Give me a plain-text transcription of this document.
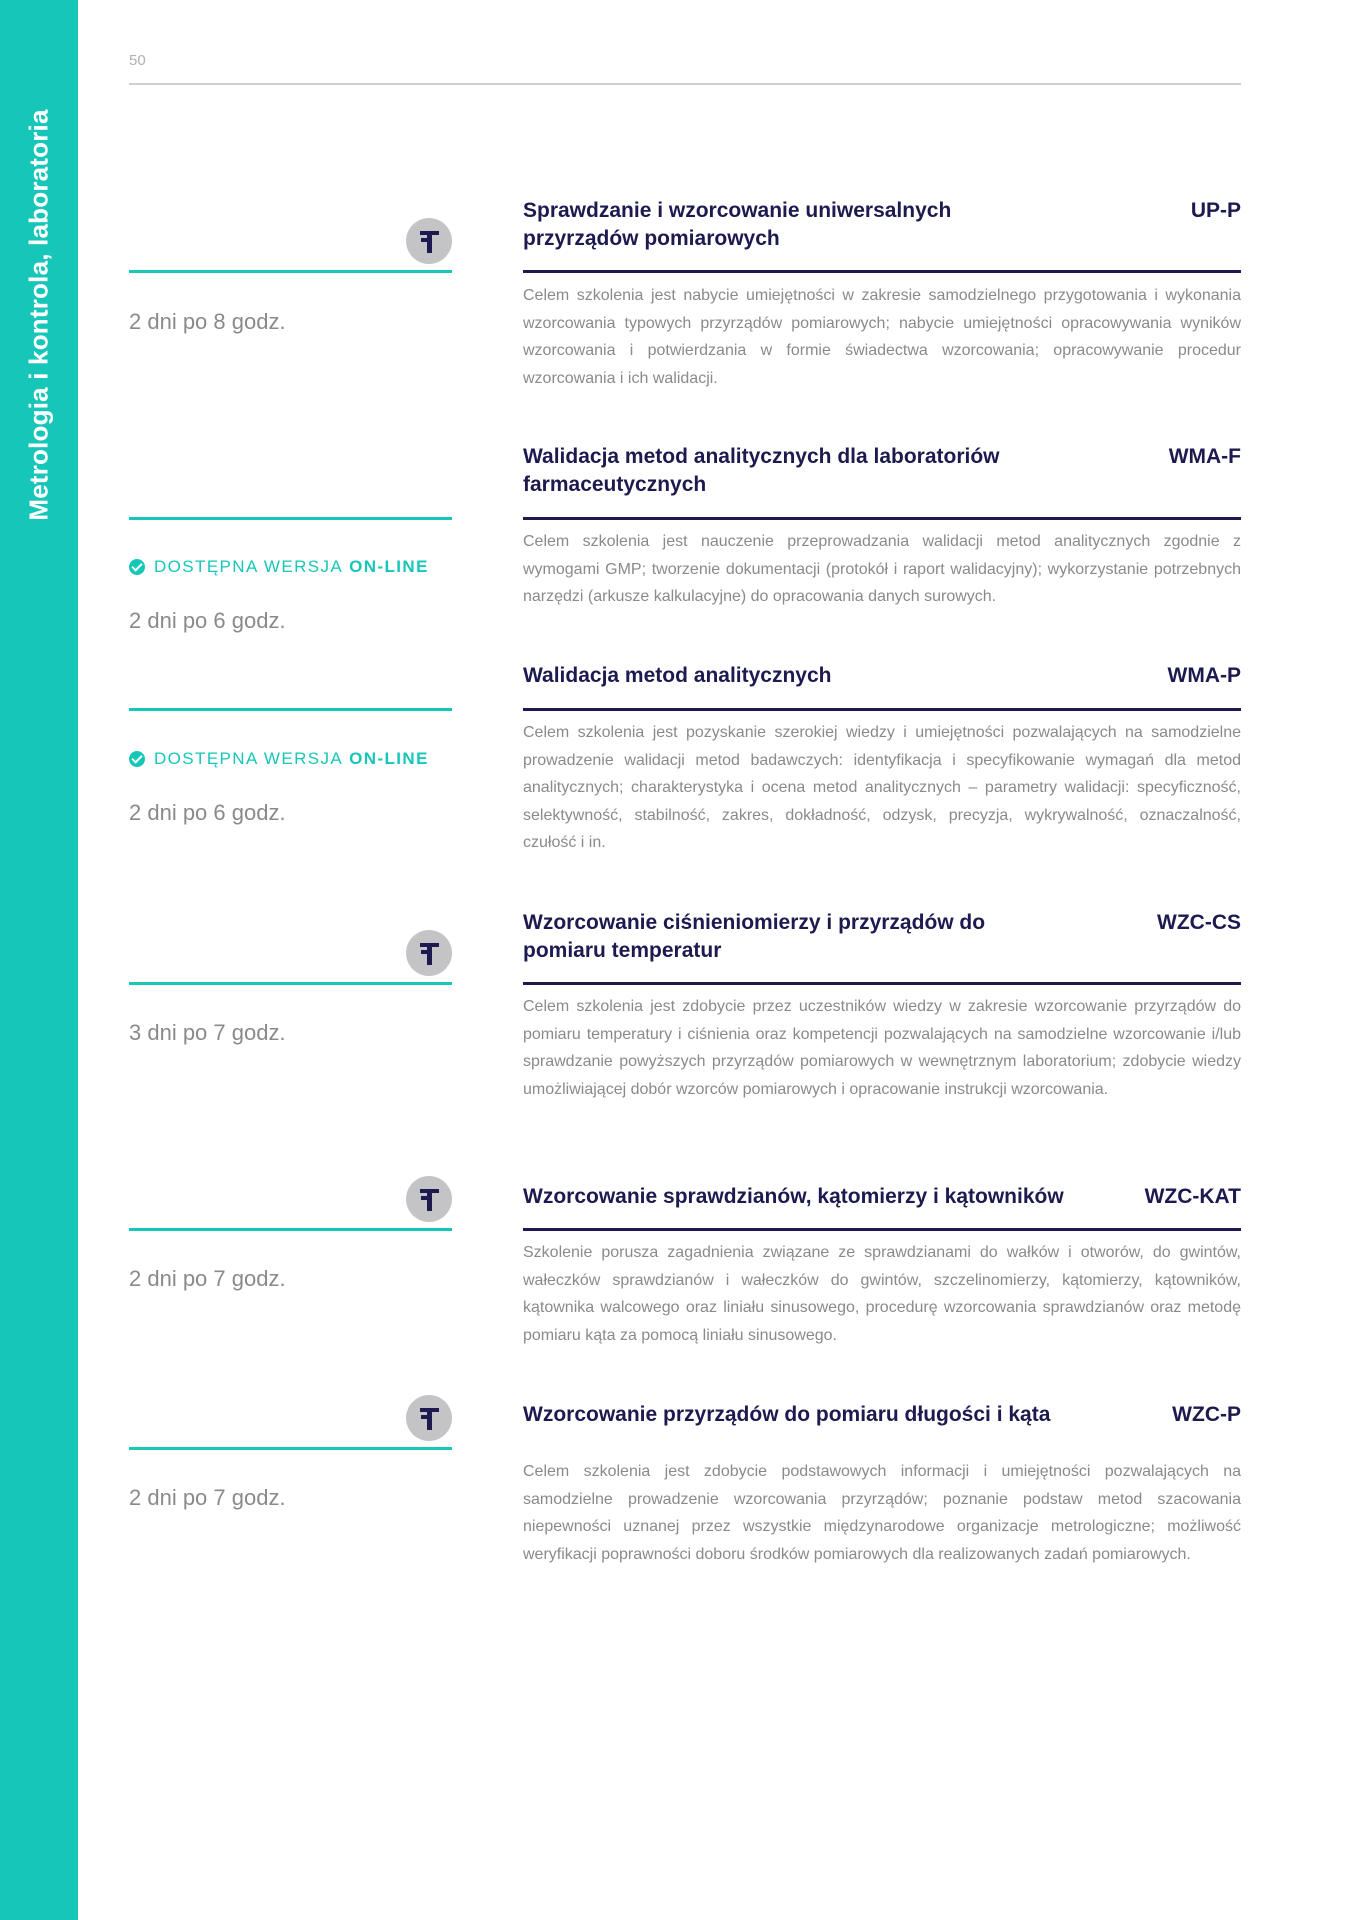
Metrologia i kontrola, laboratoria
50
Sprawdzanie i wzorcowanie uniwersalnych przyrządów pomiarowych
UP-P

Celem szkolenia jest nabycie umiejętności w zakresie samodzielnego przygotowania i wykonania wzorcowania typowych przyrządów pomiarowych; nabycie umiejętności opracowywania wyników wzorcowania i potwierdzania w formie świadectwa wzorcowania; opracowywanie procedur wzorcowania i ich walidacji.

2 dni po 8 godz.
Walidacja metod analitycznych dla laboratoriów farmaceutycznych
WMA-F

Celem szkolenia jest nauczenie przeprowadzania walidacji metod analitycznych zgodnie z wymogami GMP; tworzenie dokumentacji (protokół i raport walidacyjny); wykorzystanie potrzebnych narzędzi (arkusze kalkulacyjne) do opracowania danych surowych.

DOSTĘPNA WERSJA ON-LINE
2 dni po 6 godz.
Walidacja metod analitycznych	WMA-P

Celem szkolenia jest pozyskanie szerokiej wiedzy i umiejętności pozwalających na samodzielne prowadzenie walidacji metod badawczych: identyfikacja i specyfikowanie wymagań dla metod analitycznych; charakterystyka i ocena metod analitycznych – parametry walidacji: specyficzność, selektywność, stabilność, zakres, dokładność, odzysk, precyzja, wykrywalność, oznaczalność, czułość i in.

DOSTĘPNA WERSJA ON-LINE
2 dni po 6 godz.
Wzorcowanie ciśnieniomierzy i przyrządów do pomiaru temperatur
WZC-CS

Celem szkolenia jest zdobycie przez uczestników wiedzy w zakresie wzorcowanie przyrządów do pomiaru temperatury i ciśnienia oraz kompetencji pozwalających na samodzielne wzorcowanie i/lub sprawdzanie powyższych przyrządów pomiarowych w wewnętrznym laboratorium; zdobycie wiedzy umożliwiającej dobór wzorców pomiarowych i opracowanie instrukcji wzorcowania.

3 dni po 7 godz.
Wzorcowanie sprawdzianów, kątomierzy i kątowników	WZC-KAT

Szkolenie porusza zagadnienia związane ze sprawdzianami do wałków i otworów, do gwintów, wałeczków sprawdzianów i wałeczków do gwintów, szczelinomierzy, kątomierzy, kątowników, kątownika walcowego oraz liniału sinusowego, procedurę wzorcowania sprawdzianów oraz metodę pomiaru kąta za pomocą liniału sinusowego.

2 dni po 7 godz.
Wzorcowanie przyrządów do pomiaru długości i kąta	WZC-P

Celem szkolenia jest zdobycie podstawowych informacji i umiejętności pozwalających na samodzielne prowadzenie wzorcowania przyrządów; poznanie podstaw metod szacowania niepewności uznanej przez wszystkie międzynarodowe organizacje metrologiczne; możliwość weryfikacji poprawności doboru środków pomiarowych dla realizowanych zadań pomiarowych.

2 dni po 7 godz.
